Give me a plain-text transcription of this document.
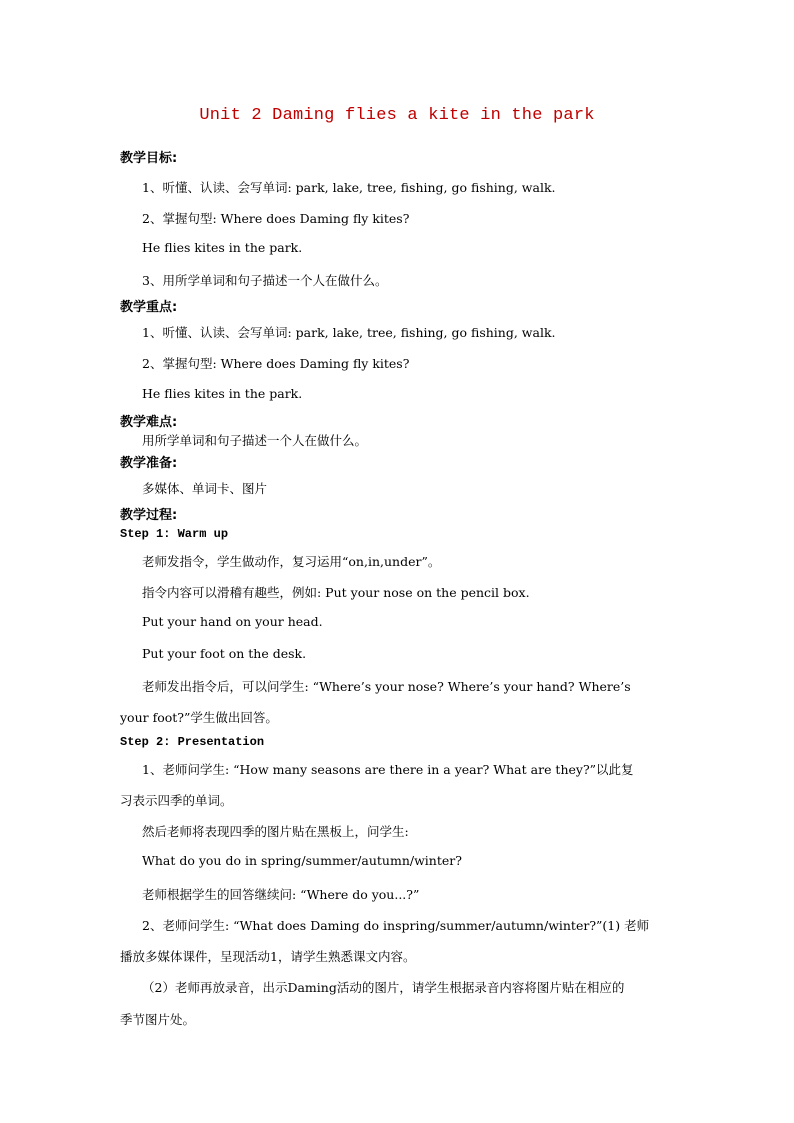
Unit 2 Daming flies a kite in the park
教学目标:
1、听懂、认读、会写单词: park, lake, tree, fishing, go fishing, walk.
2、掌握句型: Where does Daming fly kites?
He flies kites in the park.
3、用所学单词和句子描述一个人在做什么。
教学重点:
1、听懂、认读、会写单词: park, lake, tree, fishing, go fishing, walk.
2、掌握句型: Where does Daming fly kites?
He flies kites in the park.
教学难点:
用所学单词和句子描述一个人在做什么。
教学准备:
多媒体、单词卡、图片
教学过程:
Step 1: Warm up
老师发指令，学生做动作，复习运用“on,in,under”。
指令内容可以滑稽有趣些，例如: Put your nose on the pencil box.
Put your hand on your head.
Put your foot on the desk.
老师发出指令后，可以问学生: “Where’s your nose? Where’s your hand? Where’s
your foot?”学生做出回答。
Step 2: Presentation
1、老师问学生: “How many seasons are there in a year? What are they?”以此复
习表示四季的单词。
然后老师将表现四季的图片贴在黑板上，问学生:
What do you do in spring/summer/autumn/winter?
老师根据学生的回答继续问: “Where do you...?”
2、老师问学生: “What does Daming do inspring/summer/autumn/winter?”(1) 老师
播放多媒体课件，呈现活动1，请学生熟悉课文内容。
（2）老师再放录音，出示Daming活动的图片，请学生根据录音内容将图片贴在相应的
季节图片处。
